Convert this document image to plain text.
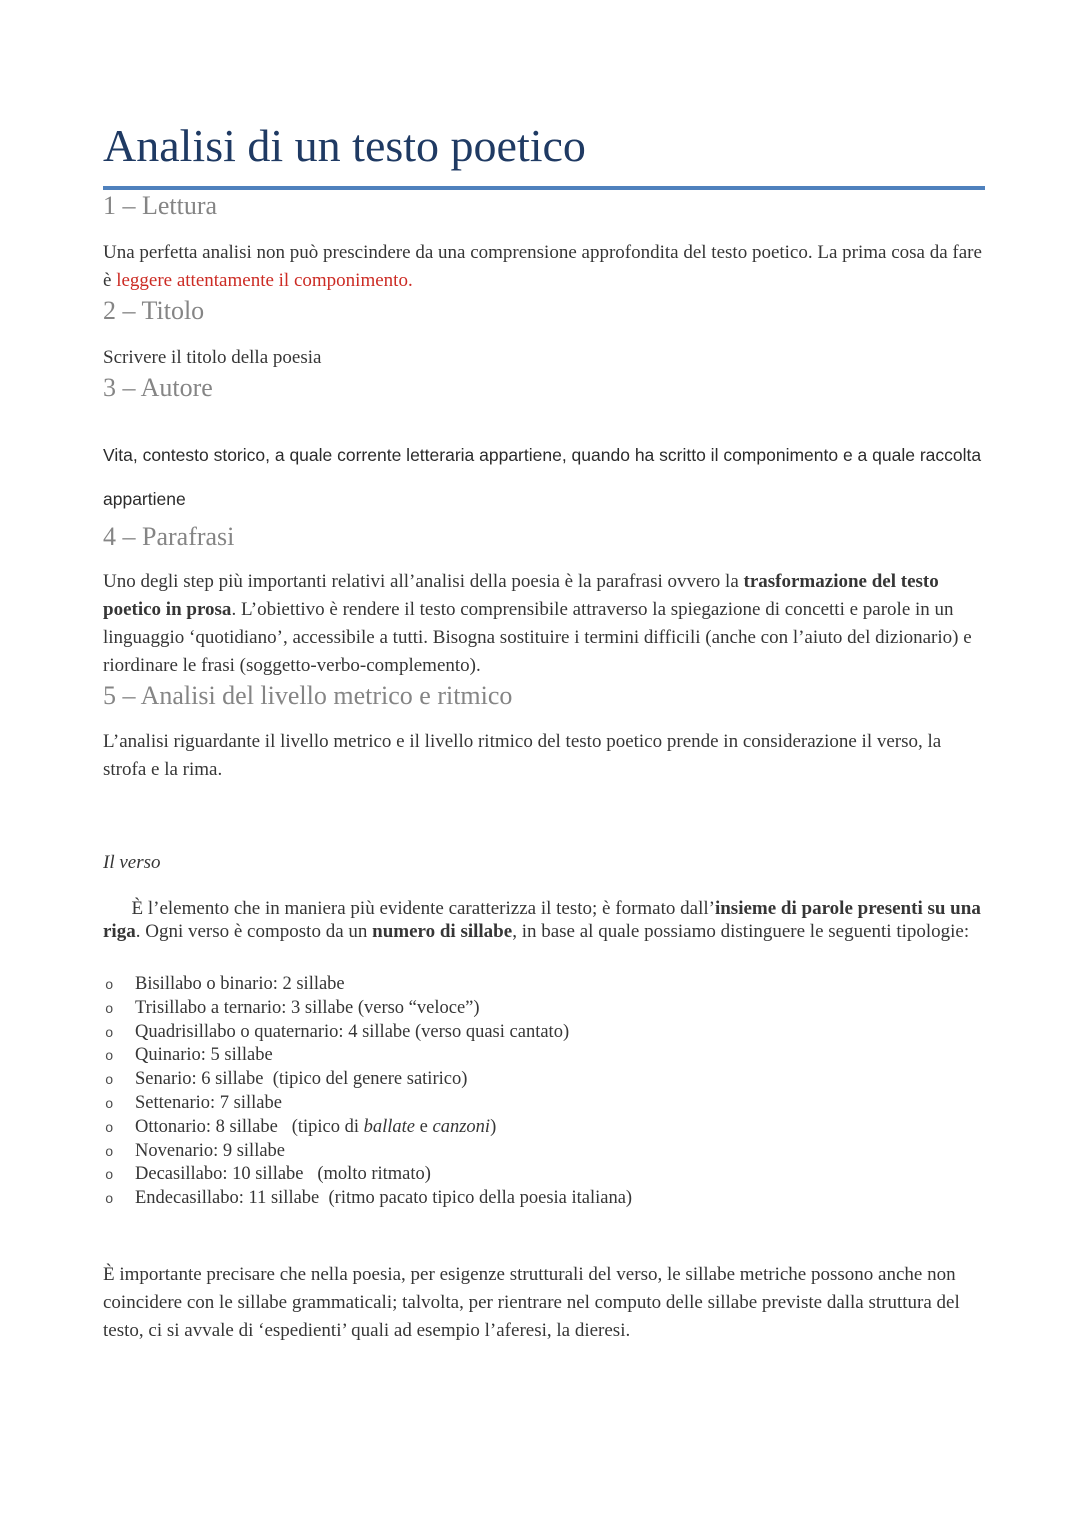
Analisi di un testo poetico
1 – Lettura

Una perfetta analisi non può prescindere da una comprensione approfondita del testo poetico. La prima cosa da fare è leggere attentamente il componimento.

2 – Titolo

Scrivere il titolo della poesia

3 – Autore

Vita, contesto storico, a quale corrente letteraria appartiene, quando ha scritto il componimento e a quale raccolta appartiene

4 – Parafrasi

Uno degli step più importanti relativi all’analisi della poesia è la parafrasi ovvero la trasformazione del testo poetico in prosa. L’obiettivo è rendere il testo comprensibile attraverso la spiegazione di concetti e parole in un linguaggio ‘quotidiano’, accessibile a tutti. Bisogna sostituire i termini difficili (anche con l’aiuto del dizionario) e riordinare le frasi (soggetto-verbo-complemento).

5 – Analisi del livello metrico e ritmico

L’analisi riguardante il livello metrico e il livello ritmico del testo poetico prende in considerazione il verso, la strofa e la rima.

Il verso

È l’elemento che in maniera più evidente caratterizza il testo; è formato dall’insieme di parole presenti su una riga. Ogni verso è composto da un numero di sillabe, in base al quale possiamo distinguere le seguenti tipologie:

o	Bisillabo o binario: 2 sillabe
o	Trisillabo a ternario: 3 sillabe (verso “veloce”)
o	Quadrisillabo o quaternario: 4 sillabe (verso quasi cantato)
o	Quinario: 5 sillabe
o	Senario: 6 sillabe  (tipico del genere satirico)
o	Settenario: 7 sillabe
o	Ottonario: 8 sillabe   (tipico di ballate e canzoni)
o	Novenario: 9 sillabe
o	Decasillabo: 10 sillabe   (molto ritmato)
o	Endecasillabo: 11 sillabe  (ritmo pacato tipico della poesia italiana)

È importante precisare che nella poesia, per esigenze strutturali del verso, le sillabe metriche possono anche non coincidere con le sillabe grammaticali; talvolta, per rientrare nel computo delle sillabe previste dalla struttura del testo, ci si avvale di ‘espedienti’ quali ad esempio l’aferesi, la dieresi.
